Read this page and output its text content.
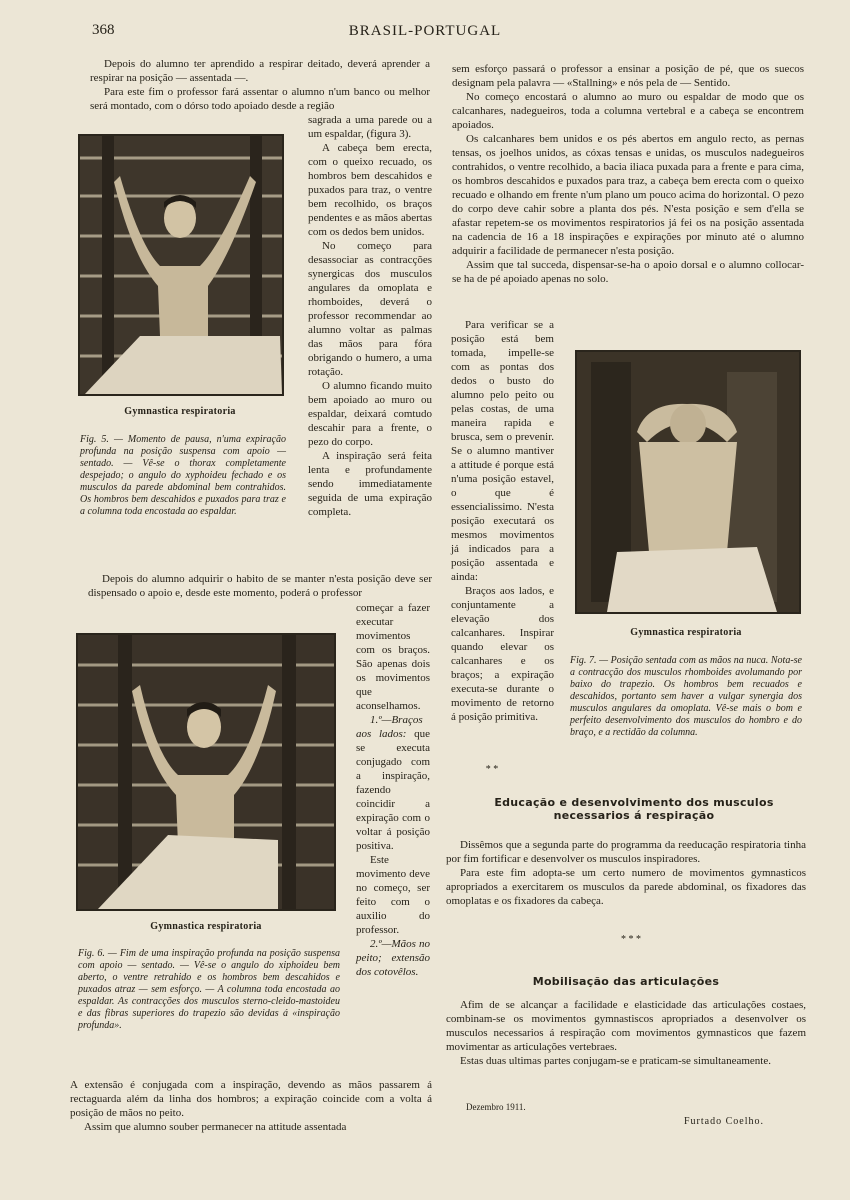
368	BRASIL-PORTUGAL

Depois do alumno ter aprendido a respirar deitado, deverá aprender a respirar na posição — assentada —.

Para este fim o professor fará assentar o alumno n'um banco ou melhor será montado, com o dórso todo apoiado desde a região

sagrada a uma parede ou a um espaldar, (figura 3).

A cabeça bem erecta, com o queixo recuado, os hombros bem descahidos e puxados para traz, o ventre bem recolhido, os braços pendentes e as mãos abertas com os dedos bem unidos.

No começo para desassociar as contracções synergicas dos musculos angulares da omoplata e rhomboides, deverá o professor recommendar ao alumno voltar as palmas das mãos para fóra obrigando o humero, a uma rotação.

O alumno ficando muito bem apoiado ao muro ou espaldar, deixará comtudo descahir para a frente, o pezo do corpo.

A inspiração será feita lenta e profundamente sendo immediatamente seguida de uma expiração completa.

Gymnastica respiratoria
Fig. 5. — Momento de pausa, n'uma expiração profunda na posição suspensa com apoio — sentado. — Vê-se o thorax completamente despejado; o angulo do xyphoideu fechado e os musculos da parede abdominal bem contrahidos. Os hombros bem descahidos e puxados para traz e a columna toda encostada ao espaldar.

Depois do alumno adquirir o habito de se manter n'esta posição deve ser dispensado o apoio e, desde este momento, poderá o professor

Gymnastica respiratoria
Fig. 6. — Fim de uma inspiração profunda na posição suspensa com apoio — sentado. — Vê-se o angulo do xiphoideu bem aberto, o ventre retrahido e os hombros bem descahidos e puxados atraz — sem esforço. — A columna toda encostada ao espaldar. As contracções dos musculos sterno-cleido-mastoideu e das fibras superiores do trapezio são devidas á «inspiração profunda».

começar a fazer executar movimentos com os braços. São apenas dois os movimentos que aconselhamos.

1.º—Braços aos lados: que se executa conjugado com a inspiração, fazendo coincidir a expiração com o voltar á posição positiva.

Este movimento deve no começo, ser feito com o auxilio do professor.

2.º—Mãos no peito; extensão dos cotovêlos.

A extensão é conjugada com a inspiração, devendo as mãos passarem á rectaguarda além da linha dos hombros; a expiração coincide com a volta á posição de mãos no peito.

Assim que alumno souber permanecer na attitude assentada

sem esforço passará o professor a ensinar a posição de pé, que os suecos designam pela palavra — «Stallning» e nós pela de — Sentido.

No começo encostará o alumno ao muro ou espaldar de modo que os calcanhares, nadegueiros, toda a columna vertebral e a cabeça se encontrem apoiados.

Os calcanhares bem unidos e os pés abertos em angulo recto, as pernas tensas, os joelhos unidos, as cóxas tensas e unidas, os musculos nadegueiros contrahidos, o ventre recolhido, a bacia iliaca puxada para a frente e para cima, os hombros descahidos e puxados para traz, a cabeça bem erecta com o queixo recuado e olhando em frente n'um plano um pouco acima do horizontal. O pezo do corpo deve cahir sobre a planta dos pés. N'esta posição e sem d'ella se afastar repetem-se os movimentos respiratorios já fei os na posição assentada na cadencia de 16 a 18 inspirações e expirações por minuto até o alumno adquirir a facilidade de permanecer n'esta posição.

Assim que tal succeda, dispensar-se-ha o apoio dorsal e o alumno collocar-se ha de pé apoiado apenas no solo.

Para verificar se a posição está bem tomada, impelle-se com as pontas dos dedos o busto do alumno pelo peito ou pelas costas, de uma maneira rapida e brusca, sem o prevenir. Se o alumno mantiver a attitude é porque está n'uma posição estavel, o que é essencialissimo. N'esta posição executará os mesmos movimentos já indicados para a posição assentada e ainda:

Braços aos lados, e conjuntamente a elevação dos calcanhares. Inspirar quando elevar os calcanhares e os braços; a expiração executa-se durante o movimento de retorno á posição primitiva.

Gymnastica respiratoria
Fig. 7. — Posição sentada com as mãos na nuca. Nota-se a contracção dos musculos rhomboides avolumando por baixo do trapezio. Os hombros bem recuados e descahidos, portanto sem haver a vulgar synergia dos musculos angulares da omoplata. Vê-se mais o bom e perfeito desenvolvimento dos musculos do hombro e do braço, e a rectidão da columna.
* *
Educação e desenvolvimento dos musculos necessarios á respiração

Dissêmos que a segunda parte do programma da reeducação respiratoria tinha por fim fortificar e desenvolver os musculos inspiradores.

Para este fim adopta-se um certo numero de movimentos gymnasticos apropriados a exercitarem os musculos da parede abdominal, os fixadores das omoplatas e os fixadores da cabeça.

* * *
Mobilisação das articulações

Afim de se alcançar a facilidade e elasticidade das articulações costaes, combinam-se os movimentos gymnastiscos apropriados a desenvolver os musculos necessarios á respiração com movimentos gymnasticos que fazem movimentar as articulações vertebraes.

Estas duas ultimas partes conjugam-se e praticam-se simultaneamente.

Dezembro 1911.
Furtado Coelho.
